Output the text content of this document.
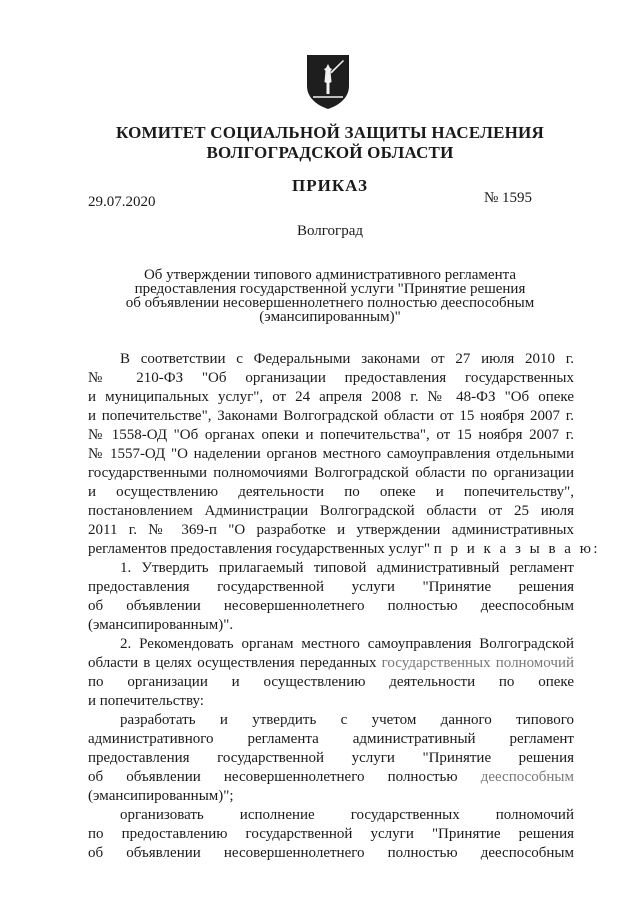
КОМИТЕТ СОЦИАЛЬНОЙ ЗАЩИТЫ НАСЕЛЕНИЯ
ВОЛГОГРАДСКОЙ ОБЛАСТИ
ПРИКАЗ
29.07.2020	№ 1595
Волгоград
Об утверждении типового административного регламента
предоставления государственной услуги "Принятие решения
об объявлении несовершеннолетнего полностью дееспособным
(эмансипированным)"
В соответствии с Федеральными законами от 27 июля 2010 г.
№ 210-ФЗ "Об организации предоставления государственных
и муниципальных услуг", от 24 апреля 2008 г. № 48-ФЗ "Об опеке
и попечительстве", Законами Волгоградской области от 15 ноября 2007 г.
№ 1558-ОД "Об органах опеки и попечительства", от 15 ноября 2007 г.
№ 1557-ОД "О наделении органов местного самоуправления отдельными
государственными полномочиями Волгоградской области по организации
и осуществлению деятельности по опеке и попечительству",
постановлением Администрации Волгоградской области от 25 июля
2011 г. № 369-п "О разработке и утверждении административных
регламентов предоставления государственных услуг" п р и к а з ы в а ю:
1. Утвердить прилагаемый типовой административный регламент
предоставления государственной услуги "Принятие решения
об объявлении несовершеннолетнего полностью дееспособным
(эмансипированным)".
2. Рекомендовать органам местного самоуправления Волгоградской
области в целях осуществления переданных государственных полномочий
по организации и осуществлению деятельности по опеке
и попечительству:
разработать и утвердить с учетом данного типового
административного регламента административный регламент
предоставления государственной услуги "Принятие решения
об объявлении несовершеннолетнего полностью дееспособным
(эмансипированным)";
организовать исполнение государственных полномочий
по предоставлению государственной услуги "Принятие решения
об объявлении несовершеннолетнего полностью дееспособным
